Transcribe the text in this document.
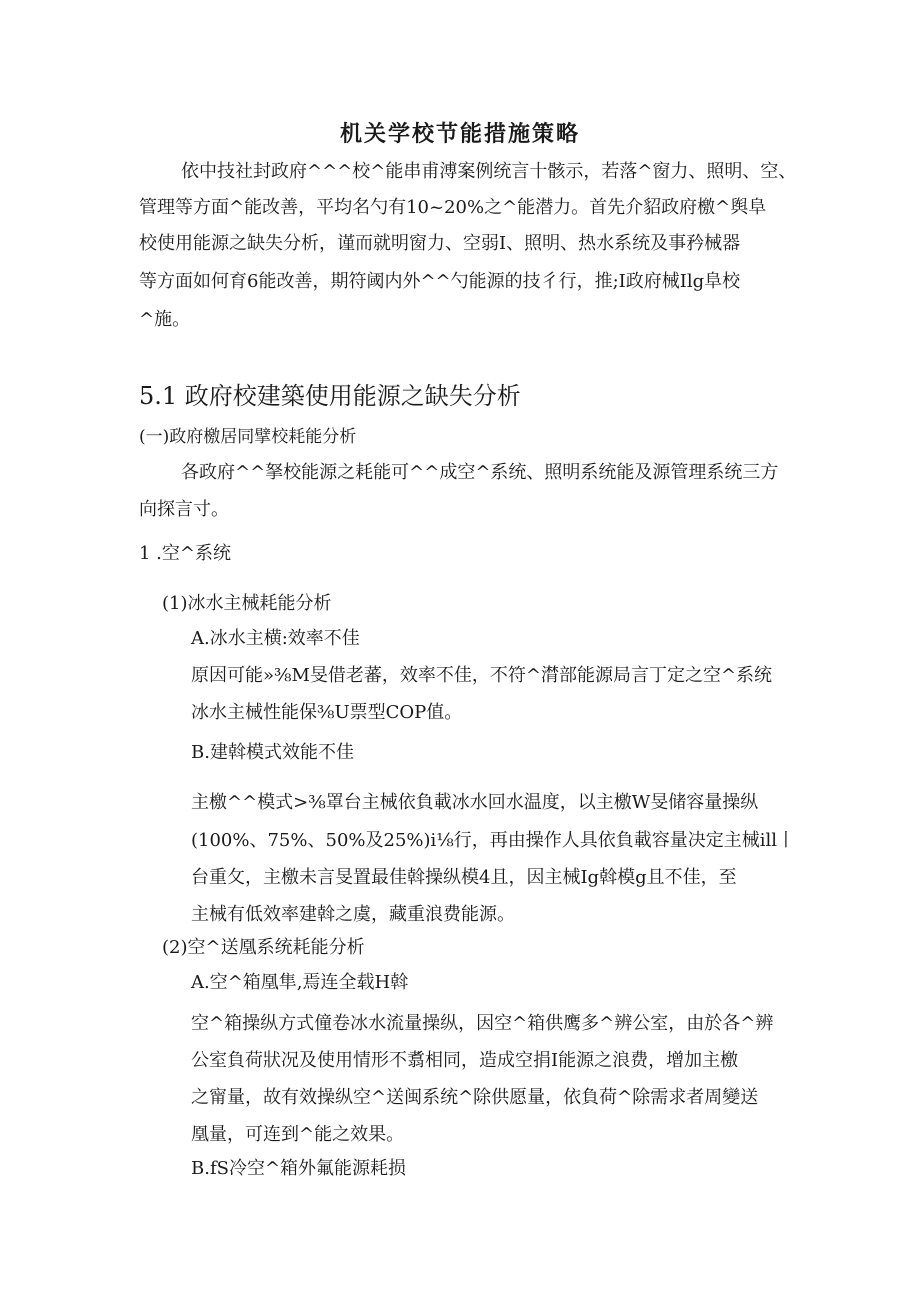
机关学校节能措施策略
依中技社封政府^^^校^能串甫溥案例统言十骸示，若落^窗力、照明、空、
管理等方面^能改善，平均名勺有10~20%之^能潜力。首先介貂政府檄^舆阜
校使用能源之缺失分析，谨而就明窗力、空弱I、照明、热水系统及事矜械器
等方面如何育6能改善，期符阈内外^^勺能源的技彳行，推;I政府械Ilg阜校
^施。
5.1 政府校建築使用能源之缺失分析
(一)政府檄居同擘校耗能分析
各政府^^拏校能源之耗能可^^成空^系统、照明系统能及源管理系统三方
向探言寸。
1 .空^系统
(1)冰水主械耗能分析
A.冰水主横:效率不佳
原因可能»⅜M旻借老蕃，效率不佳，不符^潸部能源局言丁定之空^系统
冰水主械性能保⅜U票型COP值。
B.建斡模式效能不佳
主檄^^模式>⅜罩台主械依負載冰水回水温度，以主檄W旻储容量操纵
(100%、75%、50%及25%)i⅛行，再由操作人具依負載容量决定主械ill丨
台重攵，主檄未言旻置最佳斡操纵模4且，因主械Ig斡模g且不佳，至
主械有低效率建斡之虞，藏重浪费能源。
(2)空^送凰系统耗能分析
A.空^箱凰隼,焉连全载H斡
空^箱操纵方式僮卷冰水流量操纵，因空^箱供鹰多^辨公室，由於各^辨
公室負荷狀况及使用情形不翥相同，造成空捐I能源之浪费，增加主檄
之甯量，故有效操纵空^送闽系统^除供愿量，依負荷^除需求者周變送
凰量，可连到^能之效果。
B.fS冷空^箱外氟能源耗损
